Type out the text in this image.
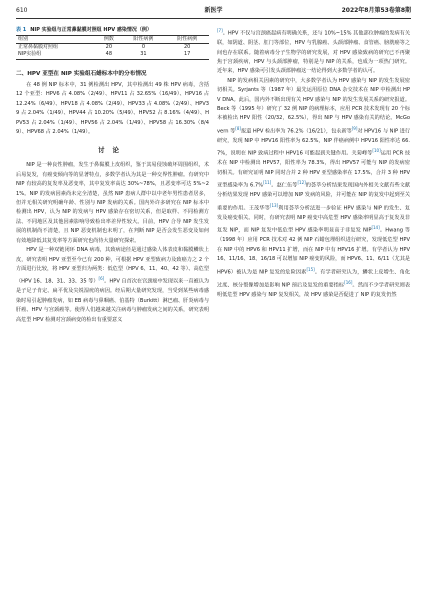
610	新医学	2022年8月第53卷第8期
表 1 NIP 实验组与正常鼻黏膜对照组 HPV 感染情况（例）
组别	例数	阳性病例	阴性病例
正常鼻黏膜对照组	20	0	20
NIP实验组	48	31	17
二、HPV 亚型在 NIP 实验组石蜡标本中的分布情况

在 48 例 NIP 标本中，31 例检测出 HPV，其中检测出 49 株 HPV 病毒，含括 12 个亚型：HPV6 占 4.08%（2/49）、HPV11 占 32.65%（16/49）、HPV16 占 12.24%（6/49）、HPV18 占 4.08%（2/49）、HPV33 占 4.08%（2/49）、HPV39 占 2.04%（1/49）、HPV44 占 10.20%（5/49）、HPV52 占 8.16%（4/49）、HPV53 占 2.04%（1/49）、HPV56 占 2.04%（1/49）、HPV58 占 16.30%（8/49）、HPV68 占 2.04%（1/49）。

讨论

NIP 是一种良性肿瘤，发生于鼻黏膜上皮组织，鉴于其易侵蚀破坏周围组织，术后易复发，有癌变倾向等的显著特点，多数学者认为其是一种交界性肿瘤。有研究中 NIP 有较高的复发率及恶变率，其中复发率高达 30%~78%，且恶变率可达 5%~21%。NIP 的发病因素尚未完全清楚，虽然 NIP 患病人群中以中老年男性患者居多，但并无相关研究明确年龄、性别与 NIP 发病的关系。国内外许多研究在 NIP 标本中检测出 HPV，认为 NIP 的发病与 HPV 感染存在密切关系，但是取样、不同检测方法、不同地区及其他因素影响导致检出率差异性较大。目前，HPV 合导 NIP 发生发展的机制尚不清楚，且 NIP 恶变机制也未明了，在判断 NIP 是否会发生恶变及如何有效地降低其复发率等方面研究也尚待大量研究探索。

HPV 是一种双链闭环 DNA 病毒，其致病途径是通过感染人体表皮和黏膜鳞状上皮，研究表明 HPV 亚型至今已有 200 种，可根据 HPV 亚型致病力及致癌力之 2 个方面进行比较，将 HPV 亚型归为两类：低危型（HPV 6、11、40、42 等）、高危型（HPV 16、18、31、33、35 等）[6]。HPV 自首次在宫颈癌中发现以来一直被认为是子足子肯定、扁平优及尖锐湿疣的病因。经后期大量研究发现，当受到某些病毒感染时易引起肿瘤发病，如 EB 病毒与鼻咽癌、伯基特（Burkitt）淋巴瘤、肝炎病毒与肝癌、HPV 与宫颈癌等。使得人们越来越关注病毒与肿瘤发病之间的关系，研究表明高危型 HPV 检测对宫颈病变的检出有重要意义

[7]。HPV 不仅与宫颈癌起病有明确关系，还与 10%~15% 其他部位肿瘤的发病有关联，如阴道、阴茎、肛门等部位，HPV 与乳腺癌、头颈部肿瘤、食管癌、膀胱癌等之间也存在联系。随着病毒分子生物学的研究发展，对 HPV 感染致病的研究已不再聚焦于宫颈疾病，HPV 与头颈部肿瘤，特别是与 NIP 的关系，也成为一项热门研究。近年来，HPV 感染可引发头颈部肿瘤这一结论得到大多数学者的认可。

NIP 的发病相关因素的研究中，大多数学者认为 HPV 感染与 NIP 的发生发展密切相关。Syrjants 等（1987 年）最先运用原位 DNA 杂交技术在 NIP 中检测出 HPV DNA。此后，国内外不断出现有关 HPV 感染与 NIP 的发生发展关系的研究报道。Beck 等（1995 年）研究了 32 例 NIP 的病理标本，应用 PCR 技术发现有 20 个标本被检出 HPV 阳性（20/32，62.5%），得出 NIP 与 HPV 感染有关的结论。McGovern 等[8]报道 HPV 检出率为 76.2%（16/21），包永新等[9]对 HPV16 与 NIP 进行研究，发现 NIP 中 HPV16 阳性率为 62.5%，NIP 伴癌病例中 HPV16 阳性率达 66.7%，说明在 NIP 致病过程中 HPV16 可能起到关键作用。关菊峰等[10]运用 PCR 技术在 NIP 中检测出 HPV57，阳性率为 78.3%，得出 HPV57 可能与 NIP 的发病密切相关。有研究证明 NIP 同时合并 2 种 HPV 亚型感染率在 17.5%，合并 3 种 HPV 亚型感染率为 6.7%[11]。赵仁伍等[12]的荟萃分析结果发现国内外相关文献有些文献分析结果发现 HPV 感染可以增加 NIP 发病的风险，并可能在 NIP 的复发中起到至关重要的作用。王茂华等[13]利用荟萃分析法进一步验证 HPV 感染与 NIP 的发生、复发及癌变相关。同时，有研究表明 NIP 癌变中高危型 HPV 感染率明显高于复发及非复发 NIP，而 NIP 复发中低危型 HPV 感染率明显高于非复发 NIP[14]。Hwang 等（1998 年）应用 PCR 技术对 42 例 NIP 石蜡包埋组织进行研究，发现低危型 HPV 在 NIP 中的 HPV6 和 HPV11 扩增，而在 NIP 中有 HPV16 扩增。有学者认为 HPV16、11/16、18、16/18 可以增加 NIP 癌变的风险，而 HPV6、11、6/11（尤其是 HPV6）被认为是 NIP 复发的危险因素[15]。有学者研究认为，鳞状上皮增生、角化过度、核分裂像增加是影响 NIP 预后及复发的重要指标[16]。然而不少学者研究则表明低危型 HPV 感染与 NIP 复发相关，故 HPV 感染是否促进了 NIP 的复发仍然
